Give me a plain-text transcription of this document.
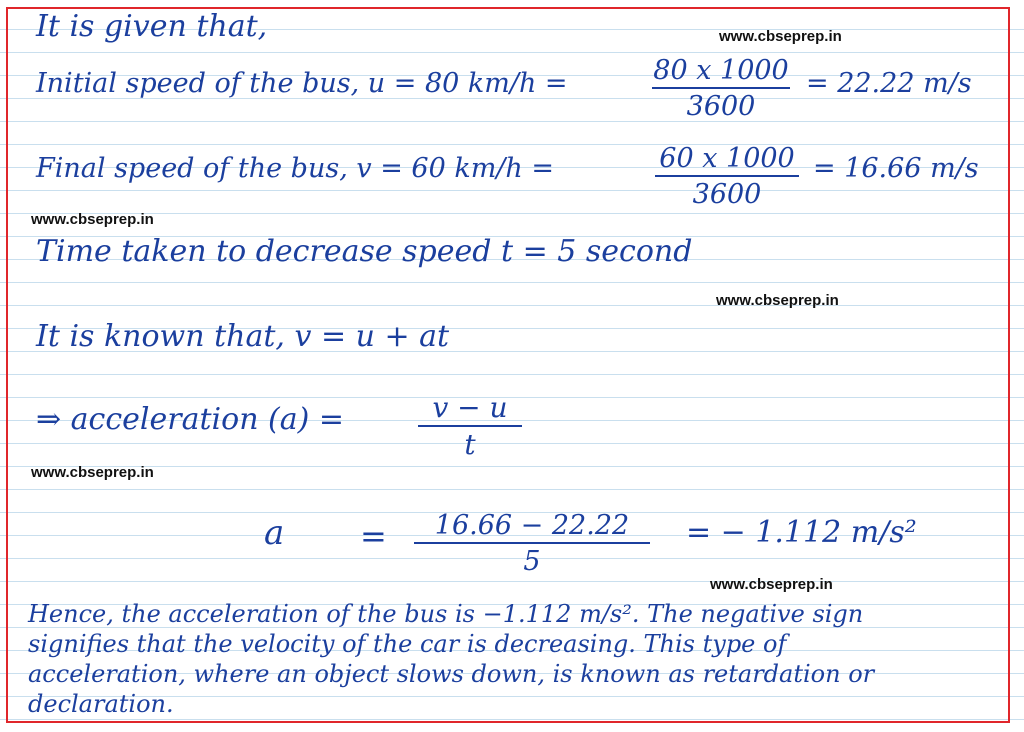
www.cbseprep.in
www.cbseprep.in
www.cbseprep.in
www.cbseprep.in
www.cbseprep.in
It is given that,
Initial speed of the bus, u = 80 km/h =	80 x 1000
3600
= 22.22 m/s
Final speed of the bus, v = 60 km/h =	60 x 1000
3600
= 16.66 m/s
Time taken to decrease speed t = 5 second
It is known that, v = u + at
⇒ acceleration (a) =	v − u
t
a =	16.66 − 22.22
5
= − 1.112 m/s²
Hence, the acceleration of the bus is −1.112 m/s². The negative sign
signifies that the velocity of the car is decreasing. This type of
acceleration, where an object slows down, is known as retardation or
declaration.
